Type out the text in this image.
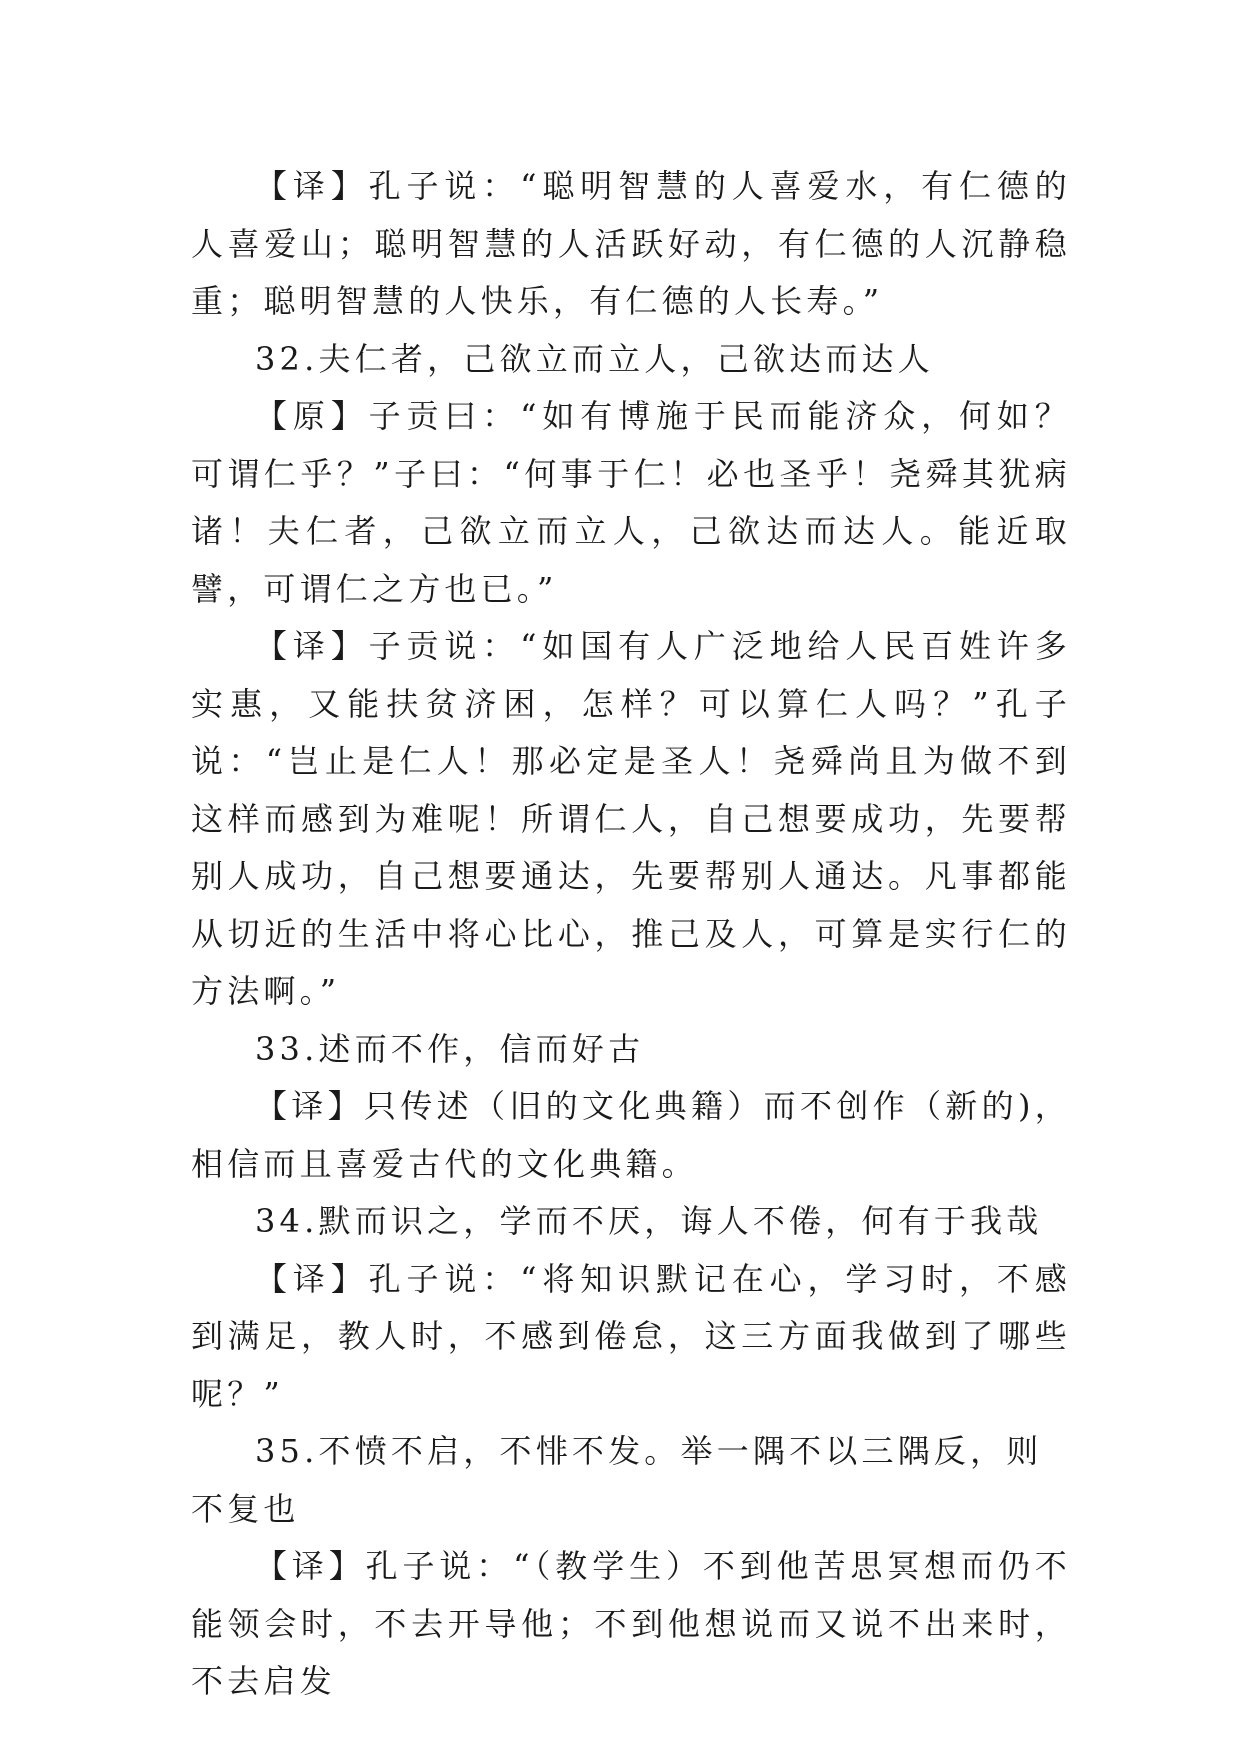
【译】孔子说：“聪明智慧的人喜爱水，有仁德的人喜爱山；聪明智慧的人活跃好动，有仁德的人沉静稳重；聪明智慧的人快乐，有仁德的人长寿。”

32.夫仁者，己欲立而立人，己欲达而达人

【原】子贡曰：“如有博施于民而能济众，何如？可谓仁乎？”子曰：“何事于仁！必也圣乎！尧舜其犹病诸！夫仁者，己欲立而立人，己欲达而达人。能近取譬，可谓仁之方也已。”

【译】子贡说：“如国有人广泛地给人民百姓许多实惠，又能扶贫济困，怎样？可以算仁人吗？”孔子说：“岂止是仁人！那必定是圣人！尧舜尚且为做不到这样而感到为难呢！所谓仁人，自己想要成功，先要帮别人成功，自己想要通达，先要帮别人通达。凡事都能从切近的生活中将心比心，推己及人，可算是实行仁的方法啊。”

33.述而不作，信而好古

【译】只传述（旧的文化典籍）而不创作（新的)，相信而且喜爱古代的文化典籍。

34.默而识之，学而不厌，诲人不倦，何有于我哉

【译】孔子说：“将知识默记在心，学习时，不感到满足，教人时，不感到倦怠，这三方面我做到了哪些呢？”

35.不愤不启，不悱不发。举一隅不以三隅反，则不复也

【译】孔子说：“（教学生）不到他苦思冥想而仍不能领会时，不去开导他；不到他想说而又说不出来时，不去启发
